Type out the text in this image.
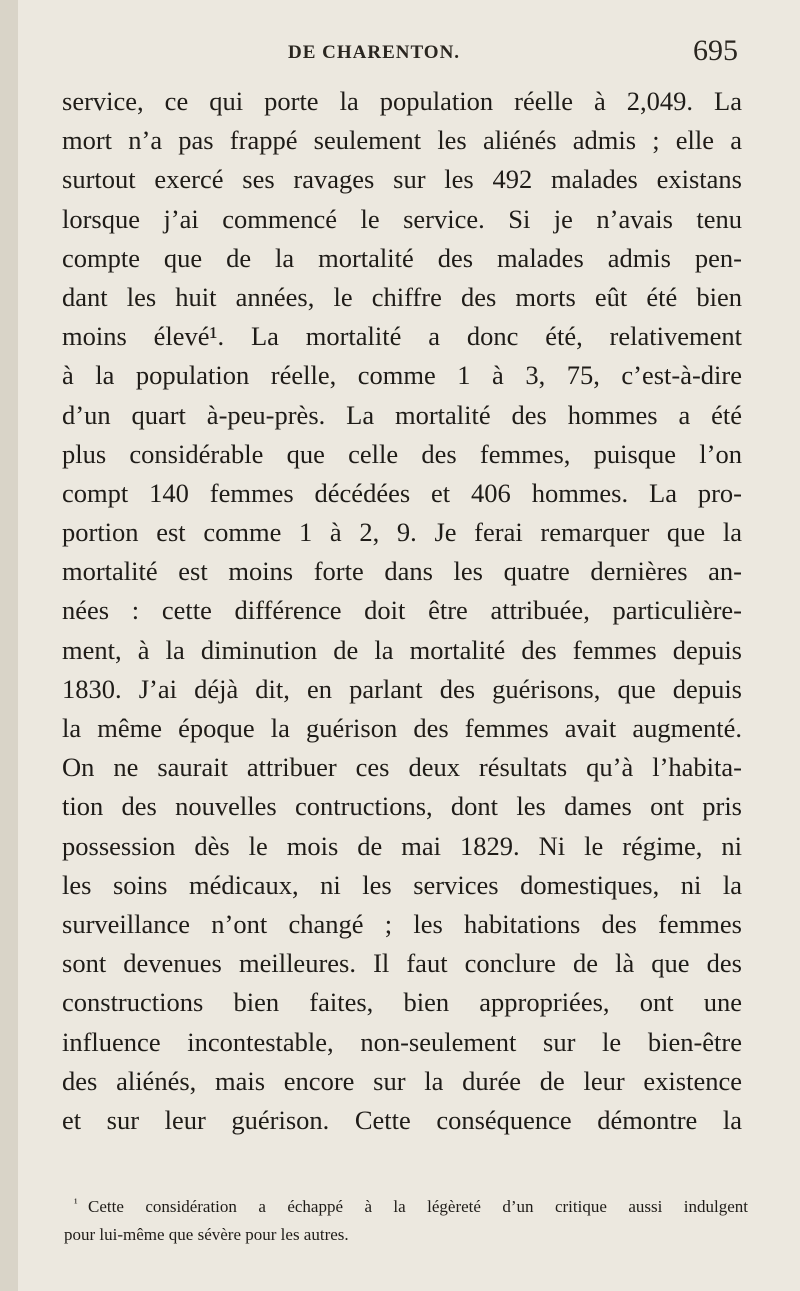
DE CHARENTON.	695
service, ce qui porte la population réelle à 2,049. La
mort n’a pas frappé seulement les aliénés admis ; elle a
surtout exercé ses ravages sur les 492 malades existans
lorsque j’ai commencé le service. Si je n’avais tenu
compte que de la mortalité des malades admis pen-
dant les huit années, le chiffre des morts eût été bien
moins élevé¹. La mortalité a donc été, relativement
à la population réelle, comme 1 à 3, 75, c’est-à-dire
d’un quart à-peu-près. La mortalité des hommes a été
plus considérable que celle des femmes, puisque l’on
compt 140 femmes décédées et 406 hommes. La pro-
portion est comme 1 à 2, 9. Je ferai remarquer que la
mortalité est moins forte dans les quatre dernières an-
nées : cette différence doit être attribuée, particulière-
ment, à la diminution de la mortalité des femmes depuis
1830. J’ai déjà dit, en parlant des guérisons, que depuis
la même époque la guérison des femmes avait augmenté.
On ne saurait attribuer ces deux résultats qu’à l’habita-
tion des nouvelles contructions, dont les dames ont pris
possession dès le mois de mai 1829. Ni le régime, ni
les soins médicaux, ni les services domestiques, ni la
surveillance n’ont changé ; les habitations des femmes
sont devenues meilleures. Il faut conclure de là que des
constructions bien faites, bien appropriées, ont une
influence incontestable, non-seulement sur le bien-être
des aliénés, mais encore sur la durée de leur existence
et sur leur guérison. Cette conséquence démontre la
¹ Cette considération a échappé à la légèreté d’un critique aussi indulgent
pour lui-même que sévère pour les autres.
